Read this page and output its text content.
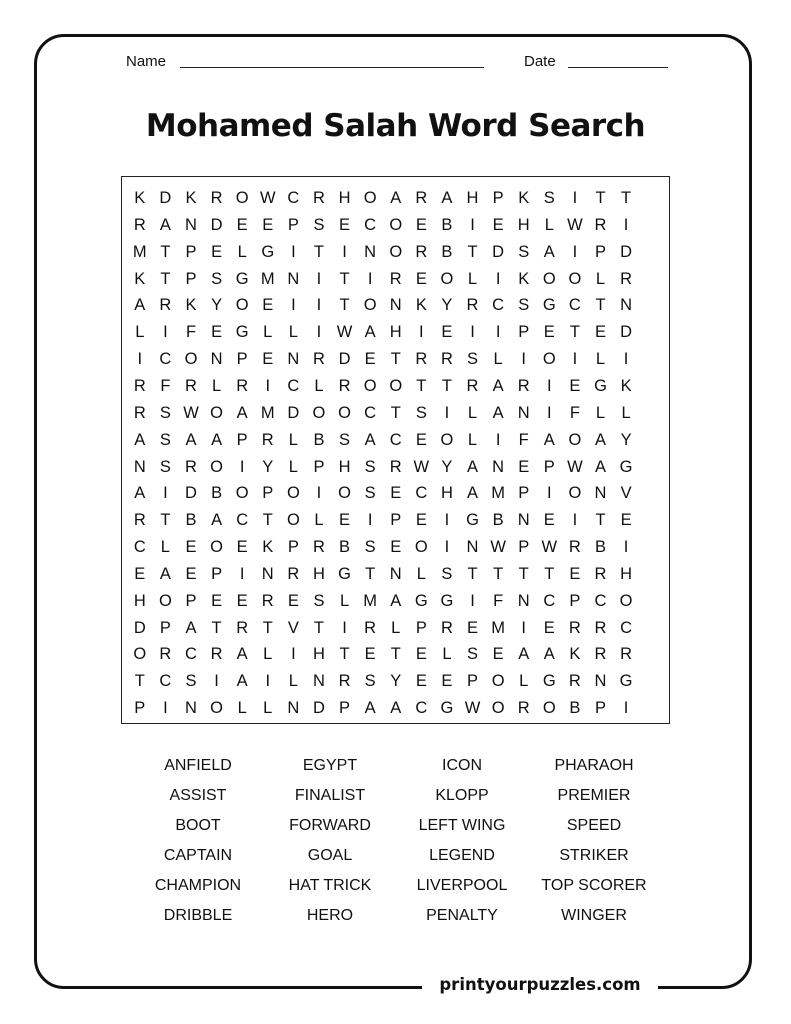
Name	Date
Mohamed Salah Word Search
K D K R O W C R H O A R A H P K S	I	T T
R A N D E E P S E C O E B	I	E H L W R	I
M T P E L G	I	T	I	N O R B T D S A	I	P D
K T P S G M N	I	T	I	R E O L	I	K O O L R
A R K Y O E	I	I	T O N K Y R C S G C T N
L	I	F E G L L	I W A H	I	E	I	I	P E T E D
I	C O N P E N R D E T R R S L	I	O	I	L	I
R F R L R	I	C L R O O T T R A R	I	E G K
R S W O A M D O O C T S	I	L A N	I	F L L
A S A A P R L B S A C E O L	I	F A O A Y
N S R O	I	Y L P H S R W Y A N E P W A G
A	I	D B O P O	I	O S E C H A M P	I	O N V
R T B A C T O L E	I	P E	I	G B N E	I	T E
C L E O E K P R B S E O	I	N W P W R B	I
E A E P	I	N R H G T N L S T T T T E R H
H O P E E R E S L M A G G	I	F N C P C O
D P A T R T V T	I	R L P R E M I	E R R C
O R C R A L	I	H T E T E L S E A A K R R
T C S	I	A	I	L N R S Y E E P O L G R N G
P	I	N O L L N D P A A C G W O R O B P	I
ANFIELD	EGYPT	ICON	PHARAOH
ASSIST	FINALIST	KLOPP	PREMIER
BOOT	FORWARD	LEFT WING	SPEED
CAPTAIN	GOAL	LEGEND	STRIKER
CHAMPION	HAT TRICK	LIVERPOOL	TOP SCORER
DRIBBLE	HERO	PENALTY	WINGER
printyourpuzzles.com
